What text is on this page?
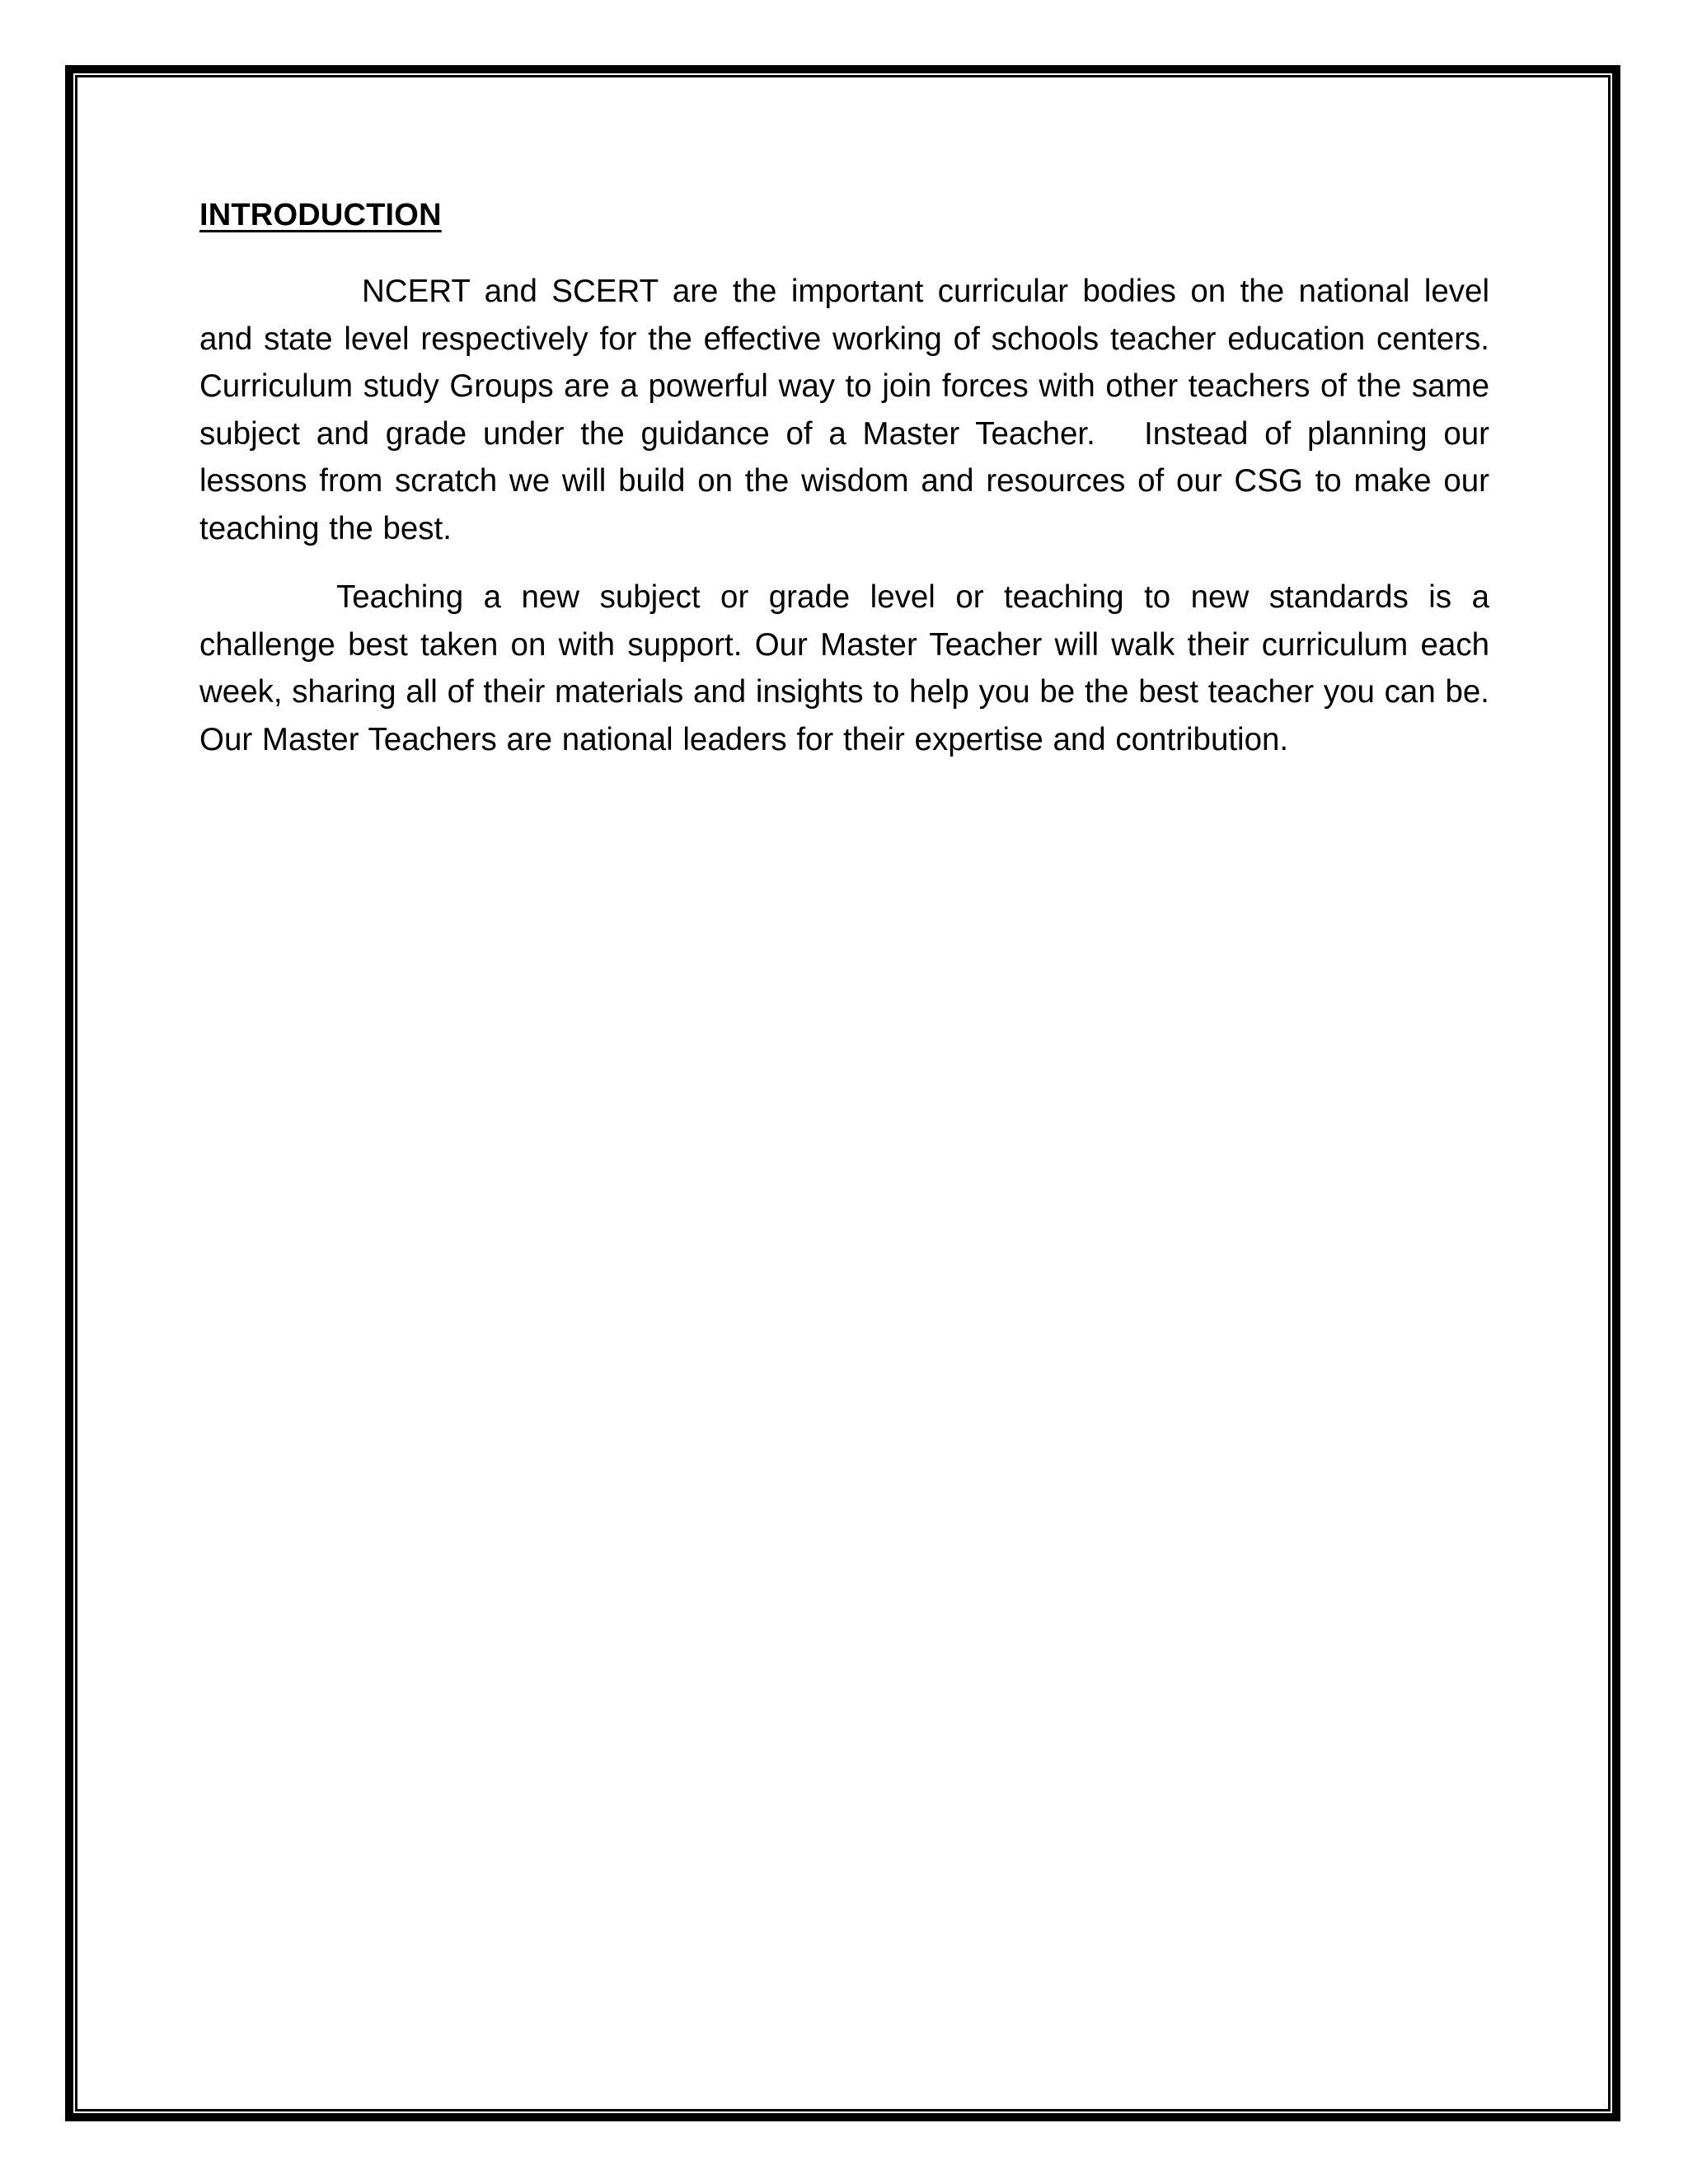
INTRODUCTION

NCERT and SCERT are the important curricular bodies on the national level and state level respectively for the effective working of schools teacher education centers.   Curriculum study Groups are a powerful way to join forces with other teachers of the same subject and grade under the guidance of a Master Teacher.   Instead of planning our lessons from scratch we will build on the wisdom and resources of our CSG to make our teaching the best.

Teaching a new subject or grade level or teaching to new standards is a challenge best taken on with support. Our Master Teacher will walk their curriculum each week, sharing all of their materials and insights to help you be the best teacher you can be. Our Master Teachers are national leaders for their expertise and contribution.
